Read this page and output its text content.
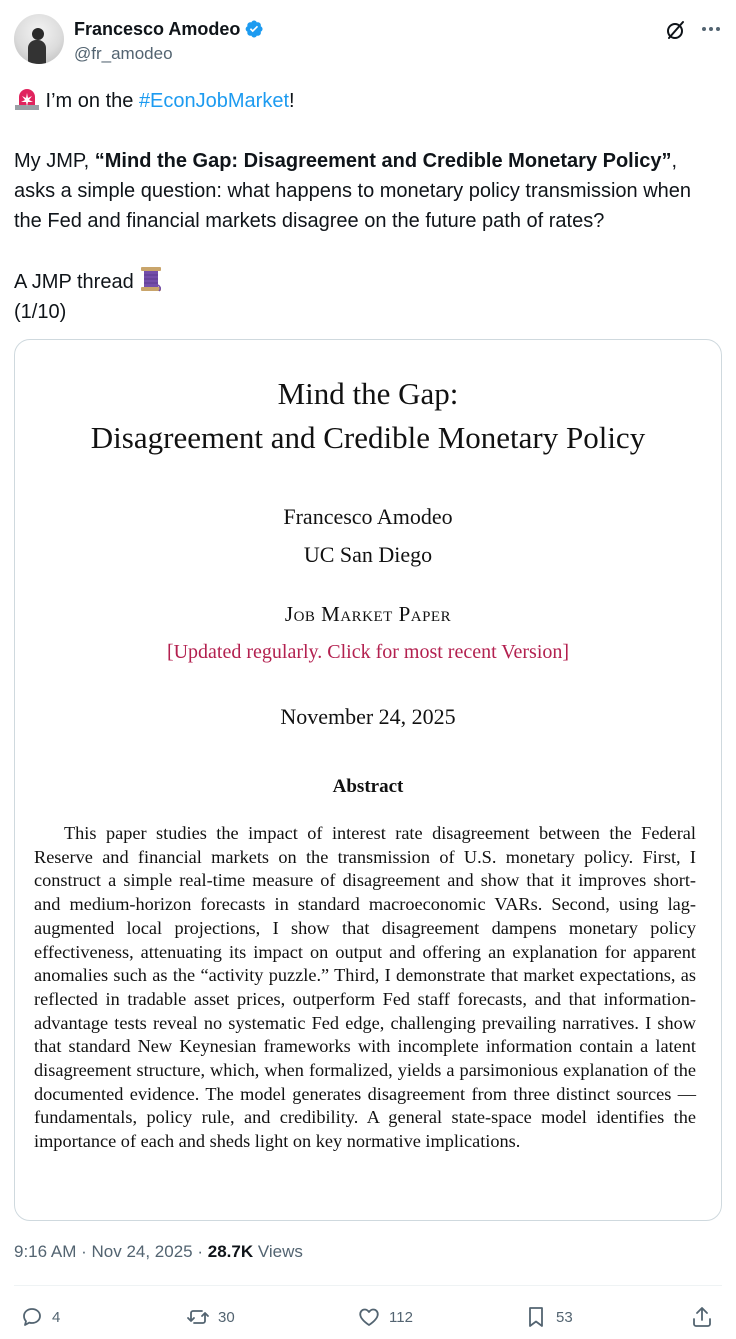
Francesco Amodeo
@fr_amodeo
I’m on the #EconJobMarket!
My JMP, “Mind the Gap: Disagreement and Credible Monetary Policy”, asks a simple question: what happens to monetary policy transmission when the Fed and financial markets disagree on the future path of rates?
A JMP thread
(1/10)
Mind the Gap:
Disagreement and Credible Monetary Policy
Francesco Amodeo
UC San Diego
Job Market Paper
[Updated regularly. Click for most recent Version]
November 24, 2025
Abstract

This paper studies the impact of interest rate disagreement between the Federal Reserve and financial markets on the transmission of U.S. monetary policy. First, I construct a simple real-time measure of disagreement and show that it improves short- and medium-horizon forecasts in standard macroeconomic VARs. Second, using lag-augmented local projections, I show that disagreement dampens monetary policy effectiveness, attenuating its impact on output and offering an explanation for apparent anomalies such as the “activity puzzle.” Third, I demonstrate that market expectations, as reflected in tradable asset prices, outperform Fed staff forecasts, and that information-advantage tests reveal no systematic Fed edge, challenging prevailing narratives. I show that standard New Keynesian frameworks with incomplete information contain a latent disagreement structure, which, when formalized, yields a parsimonious explanation of the documented evidence. The model generates disagreement from three distinct sources — fundamentals, policy rule, and credibility. A general state-space model identifies the importance of each and sheds light on key normative implications.

9:16 AM · Nov 24, 2025 · 28.7K Views
4	30	112	53
